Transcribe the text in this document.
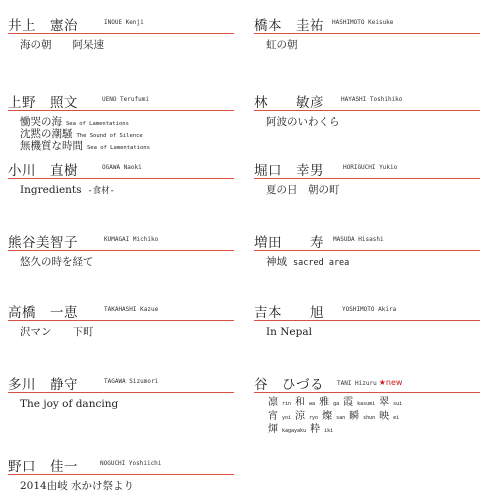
井上　憲治	INOUE Kenji
海の朝　　阿呆速
上野　照文	UENO Terufumi
慟哭の海 Sea of Lamentations
沈黙の潮騒 The Sound of Silence
無機質な時間 Sea of Lamentations
小川　直樹	OGAWA Naoki
Ingredients -食材-
熊谷美智子	KUMAGAI Michiko
悠久の時を経て
高橋　一恵	TAKAHASHI Kazue
沢マン　　下町
多川　静守	TAGAWA Sizumori
The joy of dancing
野口　佳一	NOGUCHI Yoshiichi
2014由岐 水かけ祭より
橋本　圭祐 HASHIMOTO Keisuke
虹の朝
林　　敏彦	HAYASHI Toshihiko
阿波のいわくら
堀口　幸男	HORIGUCHI Yukio
夏の日　朝の町
増田　　寿 MASUDA Hisashi
神域 sacred area
吉本　　旭	YOSHIMOTO Akira
In Nepal
谷　ひづる TANI Hizuru ★new
凛 rin 和 wa 雅 ga 霞 kasumi 翠 sui
宵 yoi 涼 ryo 燦 san 瞬 shun 映 ei
煇 kagayaku 粋 iki
